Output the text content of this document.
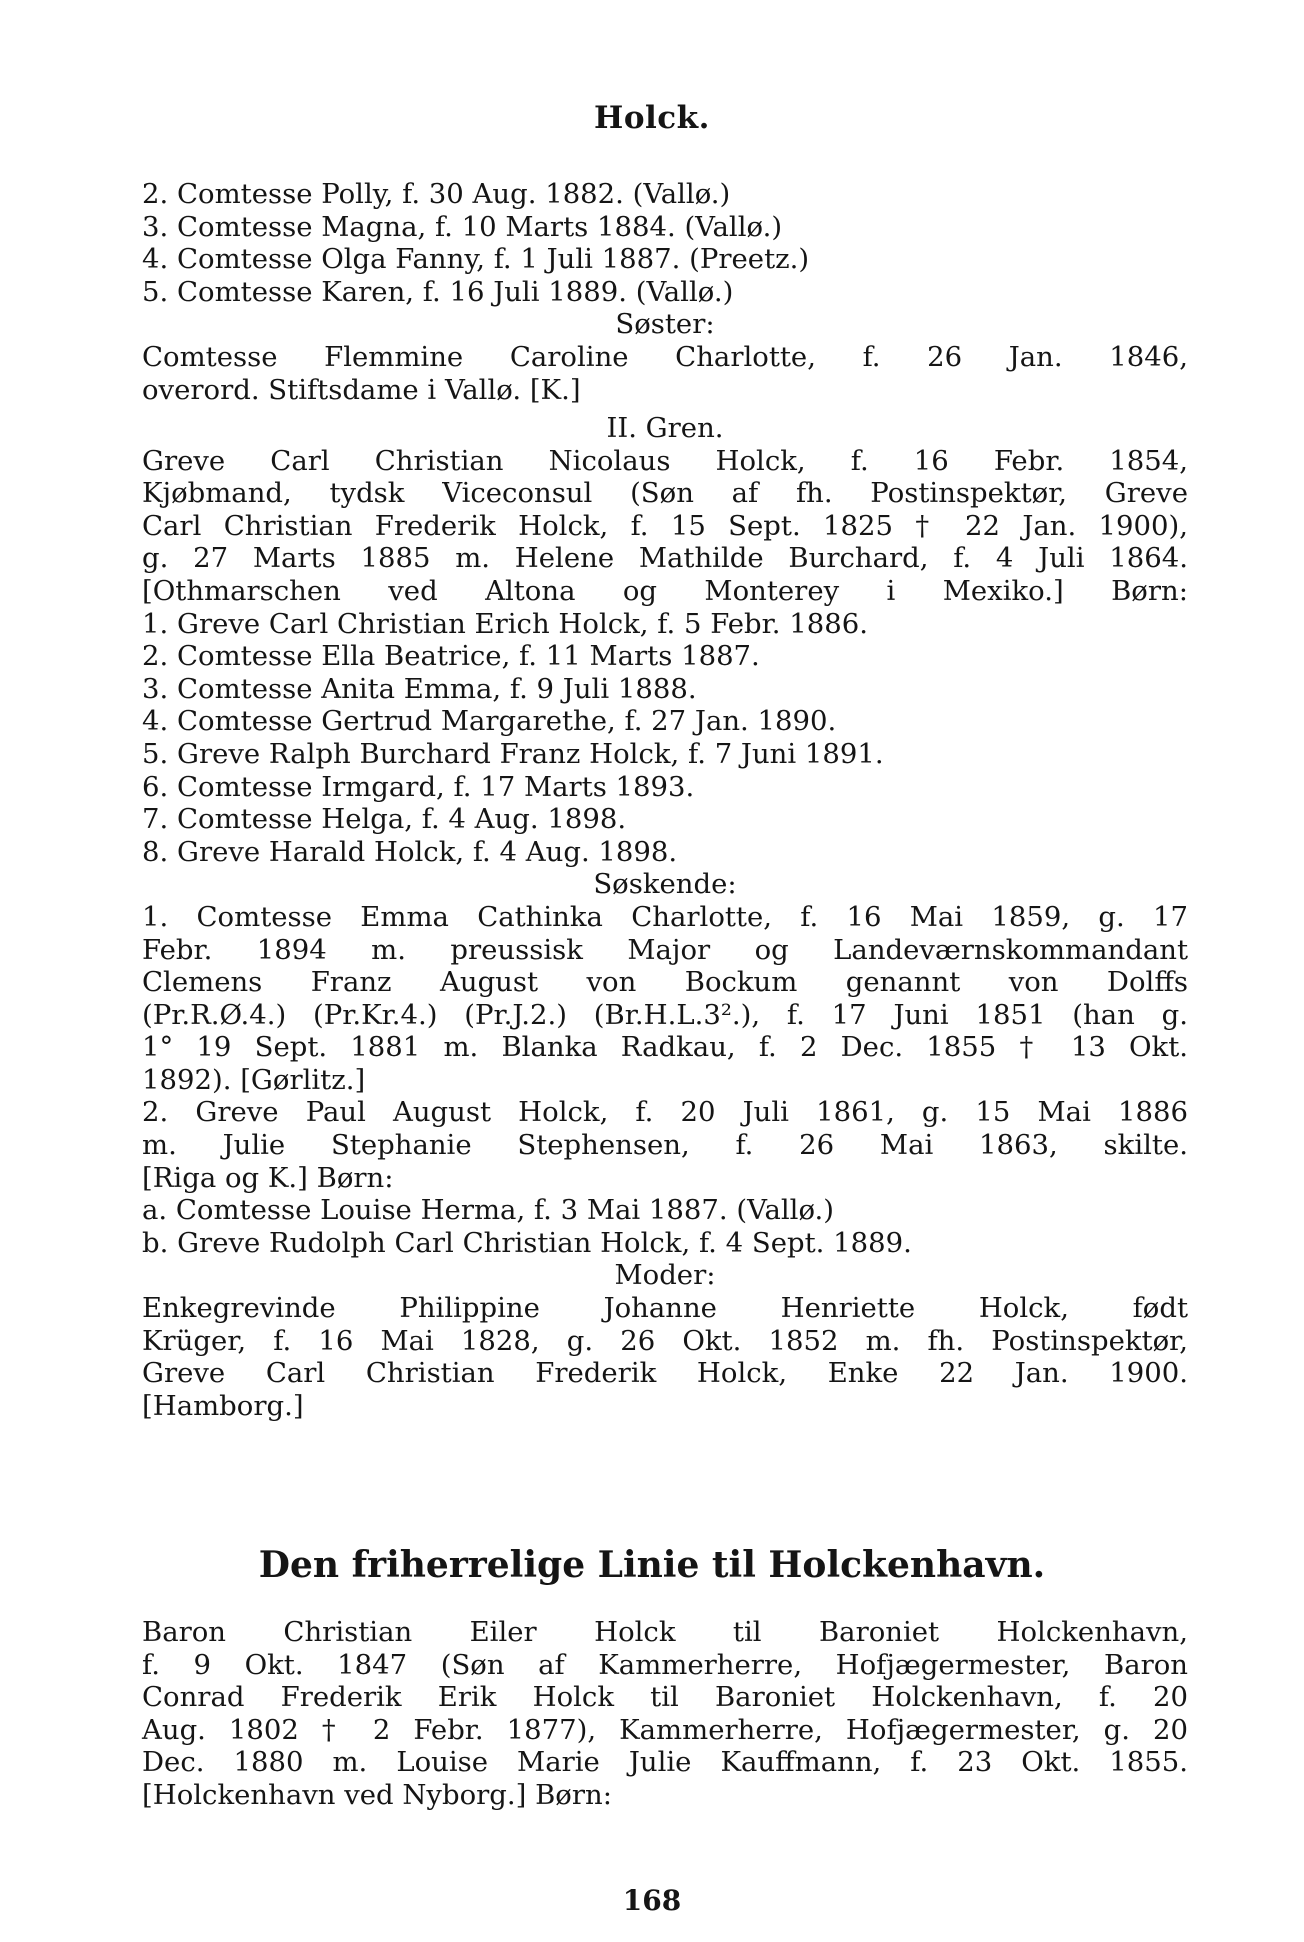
Holck.
2. Comtesse Polly, f. 30 Aug. 1882. (Vallø.)
3. Comtesse Magna, f. 10 Marts 1884. (Vallø.)
4. Comtesse Olga Fanny, f. 1 Juli 1887. (Preetz.)
5. Comtesse Karen, f. 16 Juli 1889. (Vallø.)
Søster:
Comtesse Flemmine Caroline Charlotte, f. 26 Jan. 1846,
overord. Stiftsdame i Vallø. [K.]
II. Gren.
Greve Carl Christian Nicolaus Holck, f. 16 Febr. 1854,
Kjøbmand, tydsk Viceconsul (Søn af fh. Postinspektør, Greve
Carl Christian Frederik Holck, f. 15 Sept. 1825 † 22 Jan. 1900),
g. 27 Marts 1885 m. Helene Mathilde Burchard, f. 4 Juli 1864.
[Othmarschen ved Altona og Monterey i Mexiko.] Børn:
1. Greve Carl Christian Erich Holck, f. 5 Febr. 1886.
2. Comtesse Ella Beatrice, f. 11 Marts 1887.
3. Comtesse Anita Emma, f. 9 Juli 1888.
4. Comtesse Gertrud Margarethe, f. 27 Jan. 1890.
5. Greve Ralph Burchard Franz Holck, f. 7 Juni 1891.
6. Comtesse Irmgard, f. 17 Marts 1893.
7. Comtesse Helga, f. 4 Aug. 1898.
8. Greve Harald Holck, f. 4 Aug. 1898.
Søskende:
1. Comtesse Emma Cathinka Charlotte, f. 16 Mai 1859, g. 17
Febr. 1894 m. preussisk Major og Landeværnskommandant
Clemens Franz August von Bockum genannt von Dolffs
(Pr.R.Ø.4.) (Pr.Kr.4.) (Pr.J.2.) (Br.H.L.3².), f. 17 Juni 1851 (han g.
1° 19 Sept. 1881 m. Blanka Radkau, f. 2 Dec. 1855 † 13 Okt.
1892). [Gørlitz.]
2. Greve Paul August Holck, f. 20 Juli 1861, g. 15 Mai 1886
m. Julie Stephanie Stephensen, f. 26 Mai 1863, skilte.
[Riga og K.] Børn:
a. Comtesse Louise Herma, f. 3 Mai 1887. (Vallø.)
b. Greve Rudolph Carl Christian Holck, f. 4 Sept. 1889.
Moder:
Enkegrevinde Philippine Johanne Henriette Holck, født
Krüger, f. 16 Mai 1828, g. 26 Okt. 1852 m. fh. Postinspektør,
Greve Carl Christian Frederik Holck, Enke 22 Jan. 1900.
[Hamborg.]
Den friherrelige Linie til Holckenhavn.
Baron Christian Eiler Holck til Baroniet Holckenhavn,
f. 9 Okt. 1847 (Søn af Kammerherre, Hofjægermester, Baron
Conrad Frederik Erik Holck til Baroniet Holckenhavn, f. 20
Aug. 1802 † 2 Febr. 1877), Kammerherre, Hofjægermester, g. 20
Dec. 1880 m. Louise Marie Julie Kauffmann, f. 23 Okt. 1855.
[Holckenhavn ved Nyborg.] Børn:
168
